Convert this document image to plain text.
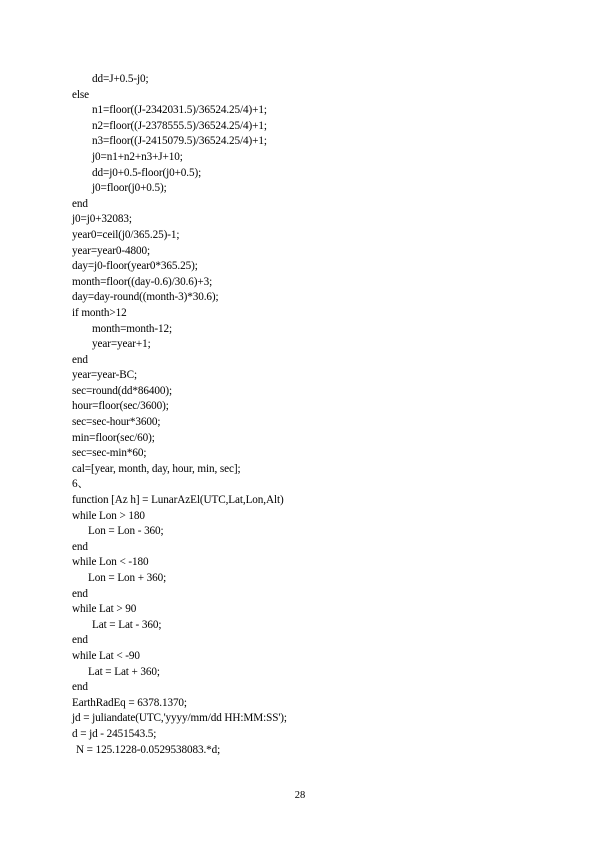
dd=J+0.5-j0;
else
n1=floor((J-2342031.5)/36524.25/4)+1;
n2=floor((J-2378555.5)/36524.25/4)+1;
n3=floor((J-2415079.5)/36524.25/4)+1;
j0=n1+n2+n3+J+10;
dd=j0+0.5-floor(j0+0.5);
j0=floor(j0+0.5);
end
j0=j0+32083;
year0=ceil(j0/365.25)-1;
year=year0-4800;
day=j0-floor(year0*365.25);
month=floor((day-0.6)/30.6)+3;
day=day-round((month-3)*30.6);
if month>12
month=month-12;
year=year+1;
end
year=year-BC;
sec=round(dd*86400);
hour=floor(sec/3600);
sec=sec-hour*3600;
min=floor(sec/60);
sec=sec-min*60;
cal=[year, month, day, hour, min, sec];
6、
function [Az h] = LunarAzEl(UTC,Lat,Lon,Alt)
while Lon > 180
Lon = Lon - 360;
end
while Lon < -180
Lon = Lon + 360;
end
while Lat > 90
Lat = Lat - 360;
end
while Lat < -90
Lat = Lat + 360;
end
EarthRadEq = 6378.1370;
jd = juliandate(UTC,'yyyy/mm/dd HH:MM:SS');
d = jd - 2451543.5;
N = 125.1228-0.0529538083.*d;
28
